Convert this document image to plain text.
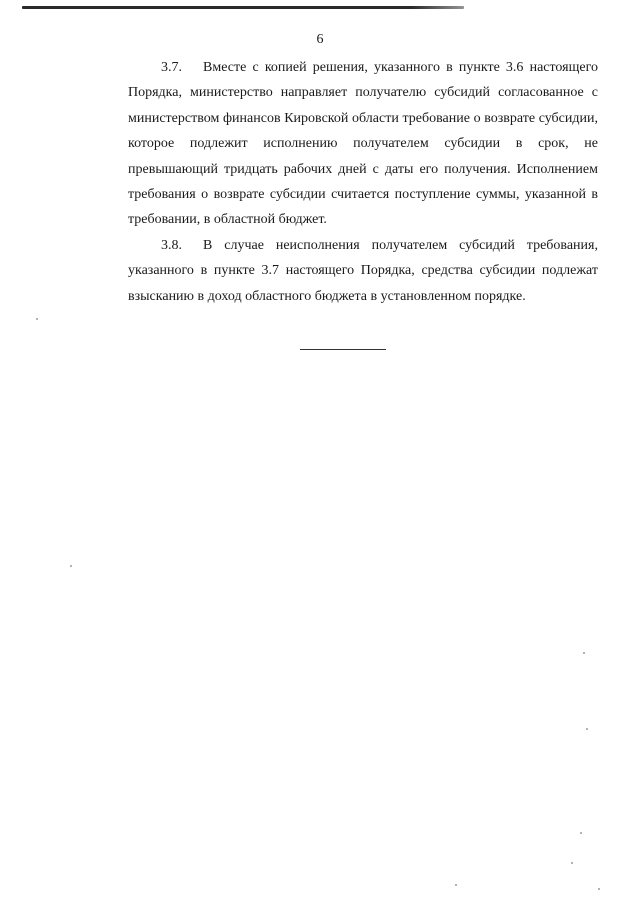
6

3.7. Вместе с копией решения, указанного в пункте 3.6 настоящего Порядка, министерство направляет получателю субсидий согласованное с министерством финансов Кировской области требование о возврате субсидии, которое подлежит исполнению получателем субсидии в срок, не превышающий тридцать рабочих дней с даты его получения. Исполнением требования о возврате субсидии считается поступление суммы, указанной в требовании, в областной бюджет.

3.8. В случае неисполнения получателем субсидий требования, указанного в пункте 3.7 настоящего Порядка, средства субсидии подлежат взысканию в доход областного бюджета в установленном порядке.
